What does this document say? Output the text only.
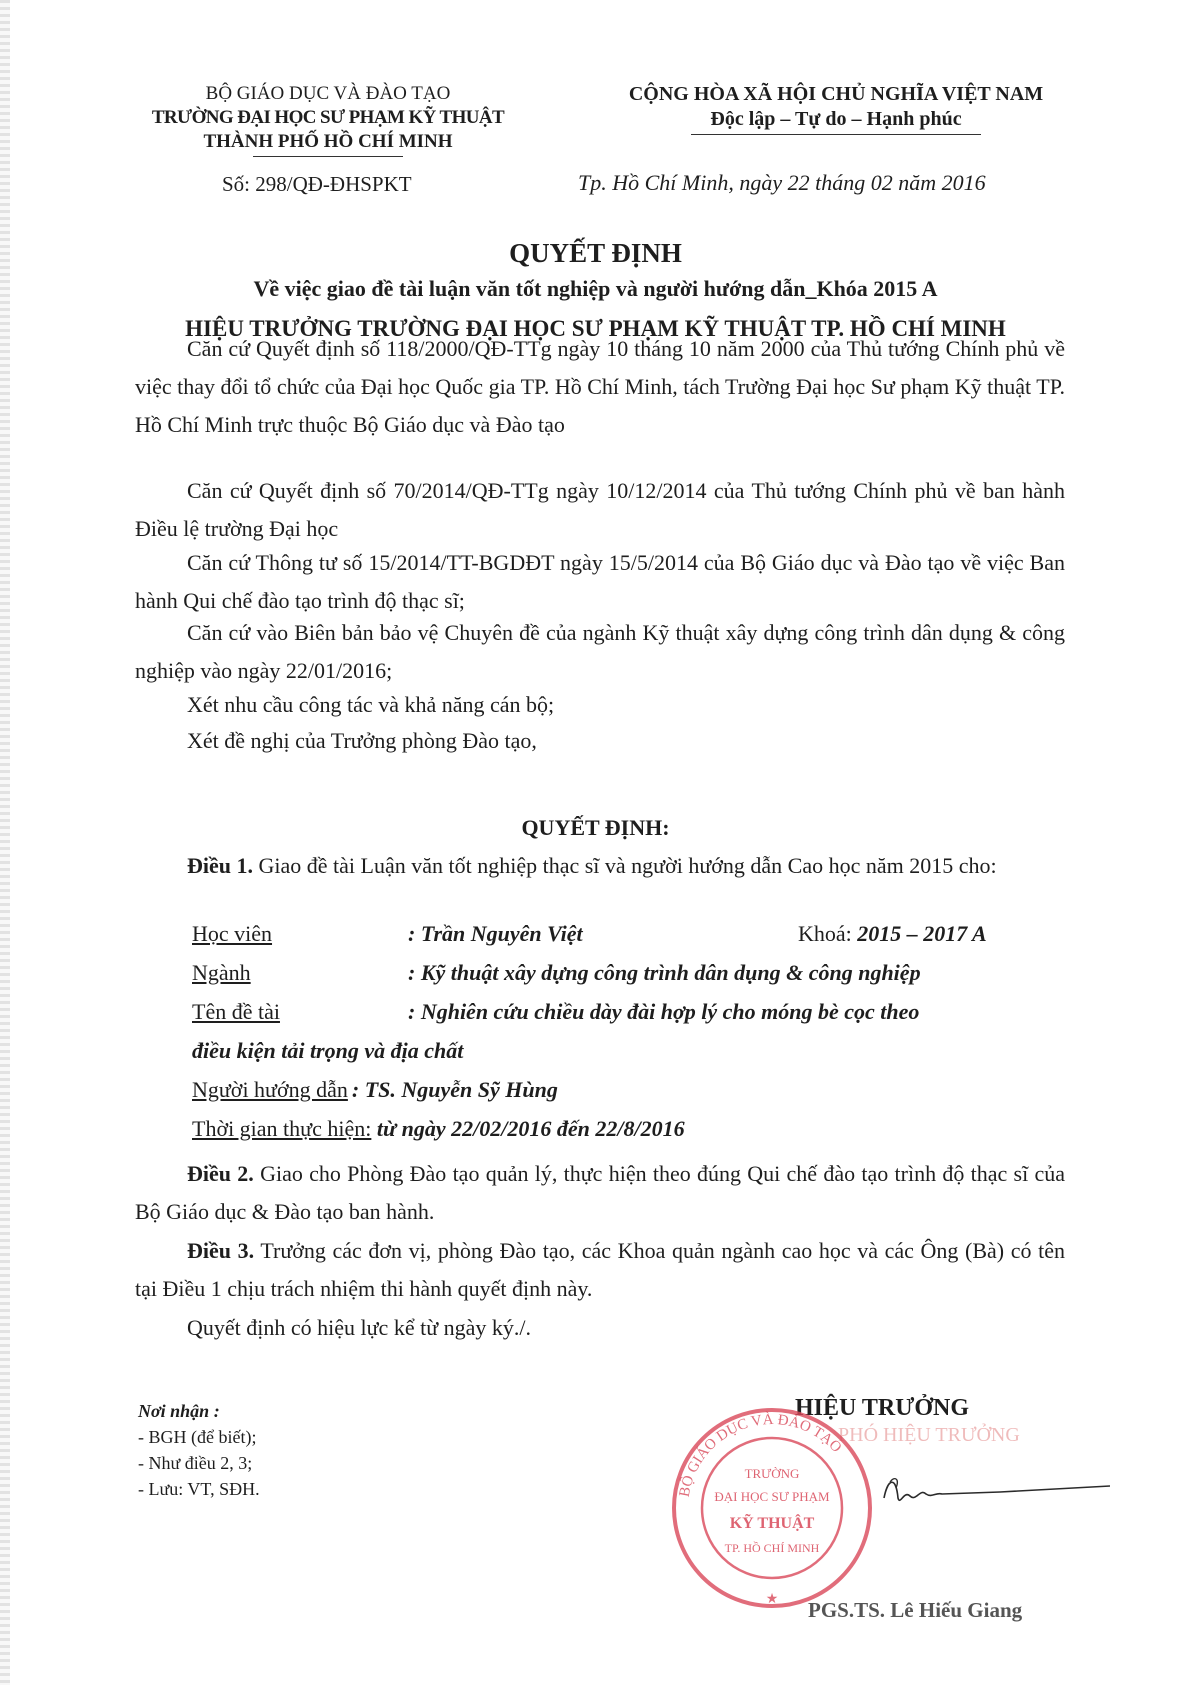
BỘ GIÁO DỤC VÀ ĐÀO TẠO
TRƯỜNG ĐẠI HỌC SƯ PHẠM KỸ THUẬT
THÀNH PHỐ HỒ CHÍ MINH
CỘNG HÒA XÃ HỘI CHỦ NGHĨA VIỆT NAM
Độc lập – Tự do – Hạnh phúc
Số: 298/QĐ-ĐHSPKT	Tp. Hồ Chí Minh, ngày 22 tháng 02 năm 2016
QUYẾT ĐỊNH
Về việc giao đề tài luận văn tốt nghiệp và người hướng dẫn_Khóa 2015 A
HIỆU TRƯỞNG TRƯỜNG ĐẠI HỌC SƯ PHẠM KỸ THUẬT TP. HỒ CHÍ MINH
Căn cứ Quyết định số 118/2000/QĐ-TTg ngày 10 tháng 10 năm 2000 của Thủ tướng Chính phủ về việc thay đổi tổ chức của Đại học Quốc gia TP. Hồ Chí Minh, tách Trường Đại học Sư phạm Kỹ thuật TP. Hồ Chí Minh trực thuộc Bộ Giáo dục và Đào tạo
Căn cứ Quyết định số 70/2014/QĐ-TTg ngày 10/12/2014 của Thủ tướng Chính phủ về ban hành Điều lệ trường Đại học
Căn cứ Thông tư số 15/2014/TT-BGDĐT ngày 15/5/2014 của Bộ Giáo dục và Đào tạo về việc Ban hành Qui chế đào tạo trình độ thạc sĩ;
Căn cứ vào Biên bản bảo vệ Chuyên đề của ngành Kỹ thuật xây dựng công trình dân dụng & công nghiệp vào ngày 22/01/2016;
Xét nhu cầu công tác và khả năng cán bộ;
Xét đề nghị của Trưởng phòng Đào tạo,
QUYẾT ĐỊNH:
Điều 1. Giao đề tài Luận văn tốt nghiệp thạc sĩ và người hướng dẫn Cao học năm 2015 cho:
Học viên	: Trần Nguyên Việt	Khoá: 2015 – 2017 A
Ngành	: Kỹ thuật xây dựng công trình dân dụng & công nghiệp
Tên đề tài	: Nghiên cứu chiều dày đài hợp lý cho móng bè cọc theo
điều kiện tải trọng và địa chất
Người hướng dẫn : TS. Nguyễn Sỹ Hùng
Thời gian thực hiện: từ ngày 22/02/2016 đến 22/8/2016
Điều 2. Giao cho Phòng Đào tạo quản lý, thực hiện theo đúng Qui chế đào tạo trình độ thạc sĩ của Bộ Giáo dục & Đào tạo ban hành.
Điều 3. Trưởng các đơn vị, phòng Đào tạo, các Khoa quản ngành cao học và các Ông (Bà) có tên tại Điều 1 chịu trách nhiệm thi hành quyết định này.
Quyết định có hiệu lực kể từ ngày ký./.
Nơi nhận :
- BGH (để biết);
- Như điều 2, 3;
- Lưu: VT, SĐH.
HIỆU TRƯỞNG
PHÓ HIỆU TRƯỞNG
BỘ GIÁO DỤC VÀ ĐÀO TẠO
TRƯỜNG
ĐẠI HỌC SƯ PHẠM
KỸ THUẬT
TP. HỒ CHÍ MINH
★ PGS.TS. Lê Hiếu Giang
